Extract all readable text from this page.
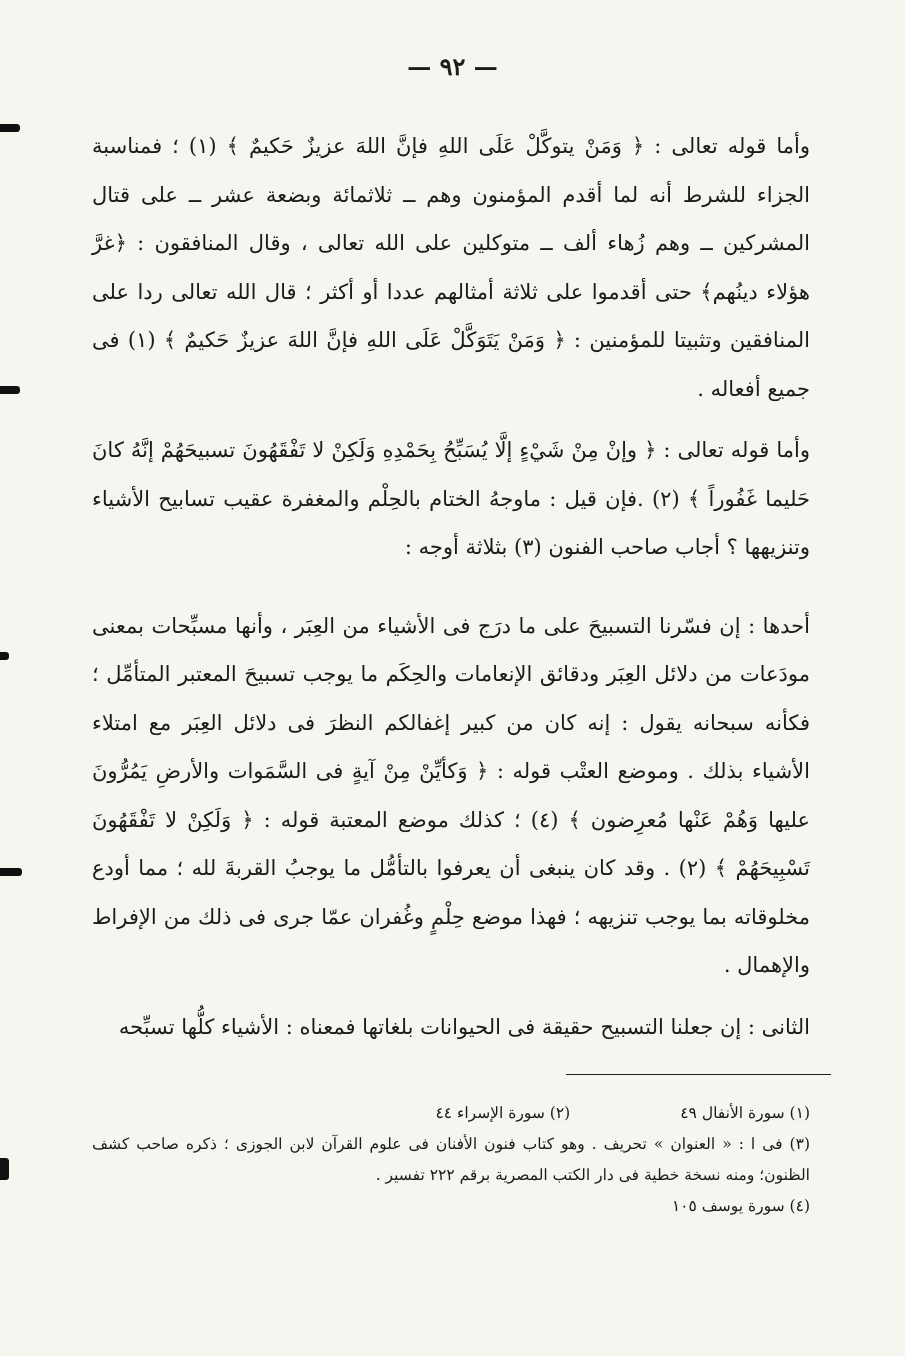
— ٩٢ —

وأما قوله تعالى : ﴿ وَمَنْ يتوكَّلْ عَلَى اللهِ فإنَّ اللهَ عزيزٌ حَكيمٌ ﴾ (١) ؛ فمناسبة الجزاء للشرط أنه لما أقدم المؤمنون وهم ــ ثلاثمائة وبضعة عشر ــ على قتال المشركين ــ وهم زُهاء ألف ــ متوكلين على الله تعالى ، وقال المنافقون : ﴿غرَّ هؤلاء دينُهم﴾ حتى أقدموا على ثلاثة أمثالهم عددا أو أكثر ؛ قال الله تعالى ردا على المنافقين وتثبيتا للمؤمنين : ﴿ وَمَنْ يَتَوَكَّلْ عَلَى اللهِ فإنَّ اللهَ عزيزٌ حَكيمٌ ﴾ (١) فى جميع أفعاله .

وأما قوله تعالى : ﴿ وإنْ مِنْ شَيْءٍ إلَّا يُسَبِّحُ بِحَمْدِهِ وَلَكِنْ لا تَفْقَهُونَ تسبيحَهُمْ إنَّهُ كانَ حَليما غَفُوراً ﴾ (٢) .فإن قيل : ماوجهُ الختام بالحِلْم والمغفرة عقيب تسابيح الأشياء وتنزيهها ؟ أجاب صاحب الفنون (٣) بثلاثة أوجه :

أحدها : إن فسّرنا التسبيحَ على ما درَج فى الأشياء من العِبَر ، وأنها مسبِّحات بمعنى مودَعات من دلائل العِبَر ودقائق الإنعامات والحِكَم ما يوجب تسبيحَ المعتبر المتأمِّل ؛ فكأنه سبحانه يقول : إنه كان من كبير إغفالكم النظرَ فى دلائل العِبَر مع امتلاء الأشياء بذلك . وموضع العتْب قوله : ﴿ وَكأيِّنْ مِنْ آيةٍ فى السَّمَوات والأرضِ يَمُرُّونَ عليها وَهُمْ عَنْها مُعرِضون ﴾ (٤) ؛ كذلك موضع المعتبة قوله : ﴿ وَلَكِنْ لا تَفْقَهُونَ تَسْبِيحَهُمْ ﴾ (٢) . وقد كان ينبغى أن يعرفوا بالتأمُّل ما يوجبُ القربةَ لله ؛ مما أودع مخلوقاته بما يوجب تنزيهه ؛ فهذا موضع حِلْمٍ وغُفران عمّا جرى فى ذلك من الإفراط والإهمال .

الثانى : إن جعلنا التسبيح حقيقة فى الحيوانات بلغاتها فمعناه : الأشياء كلُّها تسبِّحه

(١) سورة الأنفال ٤٩
(٢) سورة الإسراء ٤٤
(٣) فى ا : « العنوان » تحريف . وهو كتاب فنون الأفنان فى علوم القرآن لابن الجوزى ؛ ذكره صاحب كشف الظنون؛ ومنه نسخة خطية فى دار الكتب المصرية برقم ٢٢٢ تفسير .
(٤) سورة يوسف ١٠٥
